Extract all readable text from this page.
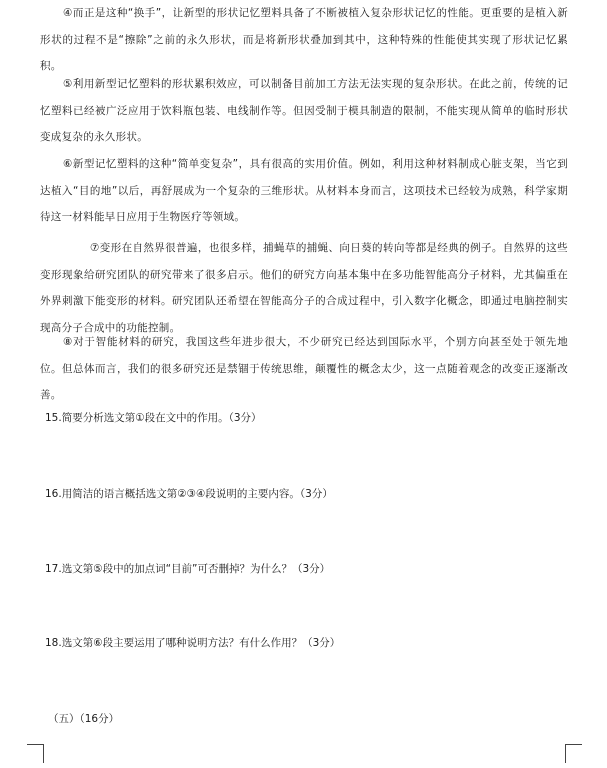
④而正是这种“换手”，让新型的形状记忆塑料具备了不断被植入复杂形状记忆的性能。更重要的是植入新形状的过程不是“擦除”之前的永久形状，而是将新形状叠加到其中，这种特殊的性能使其实现了形状记忆累积。

⑤利用新型记忆塑料的形状累积效应，可以制备目前加工方法无法实现的复杂形状。在此之前，传统的记忆塑料已经被广泛应用于饮料瓶包装、电线制作等。但因受制于模具制造的限制，不能实现从简单的临时形状变成复杂的永久形状。

⑥新型记忆塑料的这种“简单变复杂”，具有很高的实用价值。例如，利用这种材料制成心脏支架，当它到达植入“目的地”以后，再舒展成为一个复杂的三维形状。从材料本身而言，这项技术已经较为成熟，科学家期待这一材料能早日应用于生物医疗等领域。

⑦变形在自然界很普遍，也很多样，捕蝇草的捕蝇、向日葵的转向等都是经典的例子。自然界的这些变形现象给研究团队的研究带来了很多启示。他们的研究方向基本集中在多功能智能高分子材料，尤其偏重在外界刺激下能变形的材料。研究团队还希望在智能高分子的合成过程中，引入数字化概念，即通过电脑控制实现高分子合成中的功能控制。

⑧对于智能材料的研究，我国这些年进步很大，不少研究已经达到国际水平，个别方向甚至处于领先地位。但总体而言，我们的很多研究还是禁锢于传统思维，颠覆性的概念太少，这一点随着观念的改变正逐渐改善。

15.简要分析选文第①段在文中的作用。（3分）

16.用简洁的语言概括选文第②③④段说明的主要内容。（3分）

17.选文第⑤段中的加点词“目前”可否删掉？为什么？（3分）

18.选文第⑥段主要运用了哪种说明方法？有什么作用？（3分）

（五）（16分）
